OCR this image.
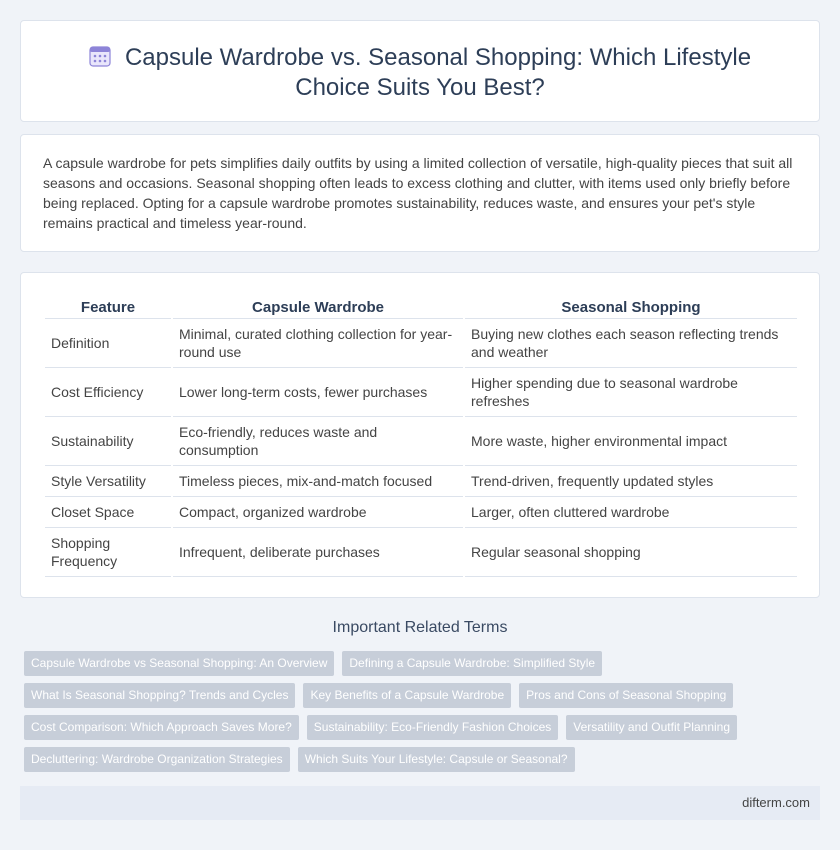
Capsule Wardrobe vs. Seasonal Shopping: Which Lifestyle Choice Suits You Best?

A capsule wardrobe for pets simplifies daily outfits by using a limited collection of versatile, high-quality pieces that suit all seasons and occasions. Seasonal shopping often leads to excess clothing and clutter, with items used only briefly before being replaced. Opting for a capsule wardrobe promotes sustainability, reduces waste, and ensures your pet's style remains practical and timeless year-round.

Feature	Capsule Wardrobe	Seasonal Shopping
Definition	Minimal, curated clothing collection for year-round use	Buying new clothes each season reflecting trends and weather
Cost Efficiency	Lower long-term costs, fewer purchases	Higher spending due to seasonal wardrobe refreshes
Sustainability	Eco-friendly, reduces waste and consumption	More waste, higher environmental impact
Style Versatility	Timeless pieces, mix-and-match focused	Trend-driven, frequently updated styles
Closet Space	Compact, organized wardrobe	Larger, often cluttered wardrobe
Shopping Frequency	Infrequent, deliberate purchases	Regular seasonal shopping
Important Related Terms
Capsule Wardrobe vs Seasonal Shopping: An Overview	Defining a Capsule Wardrobe: Simplified Style
What Is Seasonal Shopping? Trends and Cycles	Key Benefits of a Capsule Wardrobe	Pros and Cons of Seasonal Shopping
Cost Comparison: Which Approach Saves More?	Sustainability: Eco-Friendly Fashion Choices	Versatility and Outfit Planning
Decluttering: Wardrobe Organization Strategies	Which Suits Your Lifestyle: Capsule or Seasonal?
difterm.com
